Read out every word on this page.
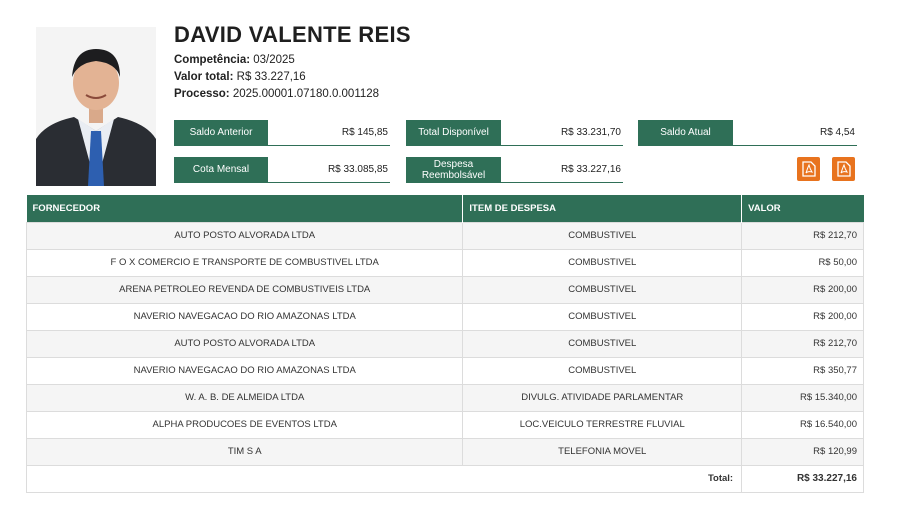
DAVID VALENTE REIS
Competência: 03/2025
Valor total: R$ 33.227,16
Processo: 2025.00001.07180.0.001128
Saldo Anterior	R$ 145,85	Total Disponível	R$ 33.231,70	Saldo Atual	R$ 4,54
Cota Mensal	R$ 33.085,85	Despesa Reembolsável
R$ 33.227,16
FORNECEDOR	ITEM DE DESPESA	VALOR
AUTO POSTO ALVORADA LTDA	COMBUSTIVEL	R$ 212,70
F O X COMERCIO E TRANSPORTE DE COMBUSTIVEL LTDA	COMBUSTIVEL	R$ 50,00
ARENA PETROLEO REVENDA DE COMBUSTIVEIS LTDA	COMBUSTIVEL	R$ 200,00
NAVERIO NAVEGACAO DO RIO AMAZONAS LTDA	COMBUSTIVEL	R$ 200,00
AUTO POSTO ALVORADA LTDA	COMBUSTIVEL	R$ 212,70
NAVERIO NAVEGACAO DO RIO AMAZONAS LTDA	COMBUSTIVEL	R$ 350,77
W. A. B. DE ALMEIDA LTDA	DIVULG. ATIVIDADE PARLAMENTAR	R$ 15.340,00
ALPHA PRODUCOES DE EVENTOS LTDA	LOC.VEICULO TERRESTRE FLUVIAL	R$ 16.540,00
TIM S A	TELEFONIA MOVEL	R$ 120,99
Total:		R$ 33.227,16
